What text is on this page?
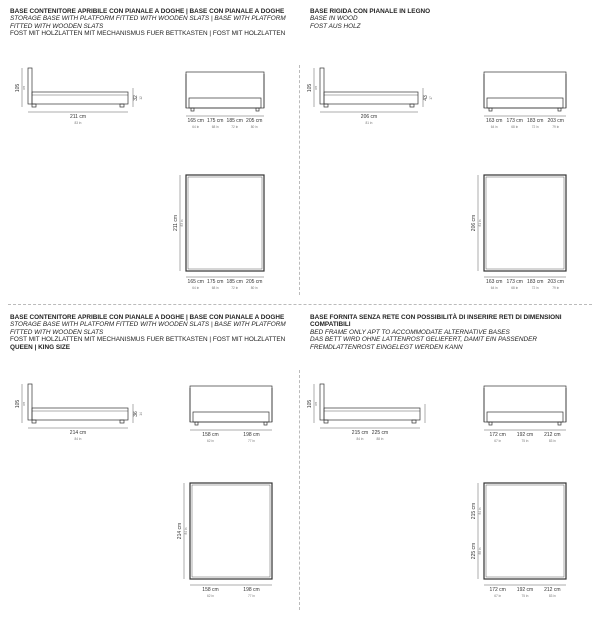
BASE CONTENITORE APRIBILE CON PIANALE A DOGHE | BASE CON PIANALE A DOGHE
STORAGE BASE WITH PLATFORM FITTED WITH WOODEN SLATS | BASE WITH PLATFORM
FITTED WITH WOODEN SLATS
FOST MIT HOLZLATTEN MIT MECHANISMUS FUER BETTKASTEN | FOST MIT HOLZLATTEN
BASE RIGIDA CON PIANALE IN LEGNO
BASE IN WOOD
FOST AUS HOLZ
BASE CONTENITORE APRIBILE CON PIANALE A DOGHE | BASE CON PIANALE A DOGHE
STORAGE BASE WITH PLATFORM FITTED WITH WOODEN SLATS | BASE WITH PLATFORM
FITTED WITH WOODEN SLATS
FOST MIT HOLZLATTEN MIT MECHANISMUS FUER BETTKASTEN | FOST MIT HOLZLATTEN
QUEEN | KING SIZE
BASE FORNITA SENZA RETE CON POSSIBILITÀ DI INSERIRE RETI DI DIMENSIONI COMPATIBILI
BED FRAME ONLY APT TO ACCOMMODATE ALTERNATIVE BASES
DAS BETT WIRD OHNE LATTENROST GELIEFERT, DAMIT EIN PASSENDER
FREMDLATTENROST EINGELEGT WERDEN KANN
105 cm
32 12
211 cm
83 in	165 cm
64 in
175 cm
68 in
185 cm
72 in
205 cm
80 in
211 cm 83 in
165 cm
64 in
175 cm
68 in
185 cm
72 in
205 cm
80 in
105 cm
43 17
206 cm
81 in	163 cm
64 in
173 cm
68 in
183 cm
72 in
203 cm
79 in
206 cm 81 in
163 cm
64 in
173 cm
68 in
183 cm
72 in
203 cm
79 in
105 cm
36 14
214 cm
84 in
158 cm
62 in
198 cm
77 in
214 cm 84 in
158 cm
62 in
198 cm
77 in
105 cm
215 cm
84 in
225 cm
88 in
172 cm
67 in
192 cm
75 in
212 cm
83 in
215 cm 84 in
225 cm 88 in
172 cm
67 in
192 cm
75 in
212 cm
83 in
